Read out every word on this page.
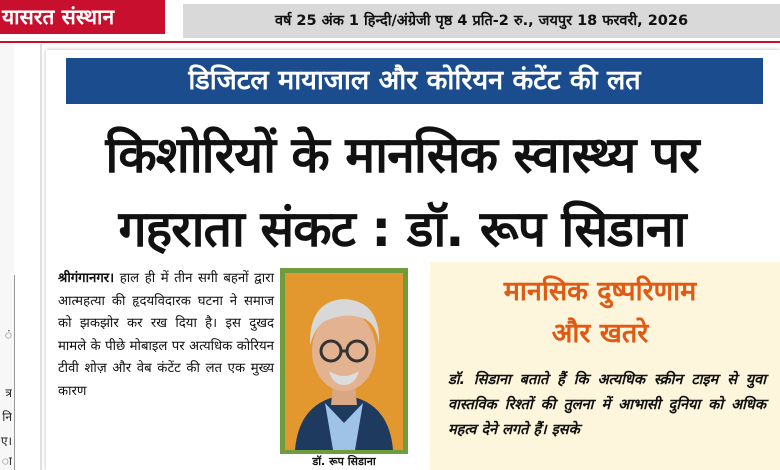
यासरत संस्थान	वर्ष 25 अंक 1 हिन्दी/अंग्रेजी पृष्ठ 4 प्रति-2 रु., जयपुर 18 फरवरी, 2026
ं
त्र
नि
ए।
ा
डिजिटल मायाजाल और कोरियन कंटेंट की लत
किशोरियों के मानसिक स्वास्थ्य पर
गहराता संकट : डॉ. रूप सिडाना
श्रीगंगानगर। हाल ही में तीन सगी बहनों द्वारा आत्महत्या की हृदयविदारक घटना ने समाज को झकझोर कर रख दिया है। इस दुखद मामले के पीछे मोबाइल पर अत्यधिक कोरियन टीवी शोज़ और वेब कंटेंट की लत एक मुख्य कारण
डॉ. रूप सिडाना
मानसिक दुष्परिणाम
और खतरे
डॉ. सिडाना बताते हैं कि अत्यधिक स्क्रीन टाइम से युवा वास्तविक रिश्तों की तुलना में आभासी दुनिया को अधिक महत्व देने लगते हैं। इसके
